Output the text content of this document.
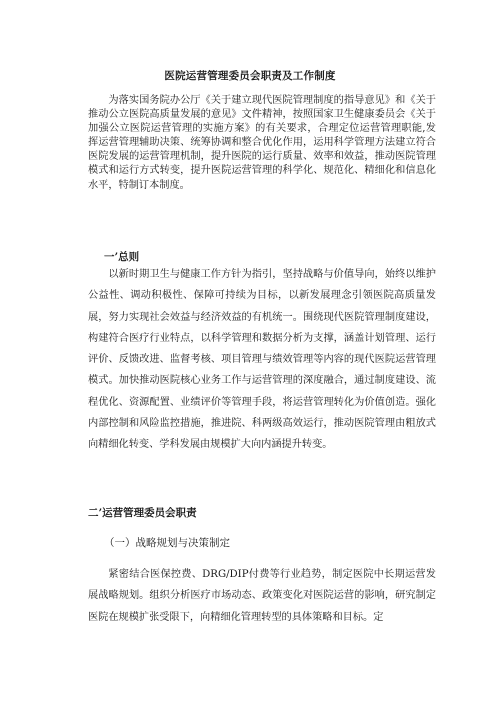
医院运营管理委员会职责及工作制度

为落实国务院办公厅《关于建立现代医院管理制度的指导意见》和《关于推动公立医院高质量发展的意见》文件精神，按照国家卫生健康委员会《关于加强公立医院运营管理的实施方案》的有关要求，合理定位运营管理职能,发挥运营管理辅助决策、统筹协调和整合优化作用，运用科学管理方法建立符合医院发展的运营管理机制，提升医院的运行质量、效率和效益，推动医院管理模式和运行方式转变，提升医院运营管理的科学化、规范化、精细化和信息化水平，特制订本制度。

一’总则

以新时期卫生与健康工作方针为指引，坚持战略与价值导向，始终以维护公益性、调动积极性、保障可持续为目标，以新发展理念引领医院高质量发展，努力实现社会效益与经济效益的有机统一。围绕现代医院管理制度建设，构建符合医疗行业特点，以科学管理和数据分析为支撑，涵盖计划管理、运行评价、反馈改进、监督考核、项目管理与绩效管理等内容的现代医院运营管理模式。加快推动医院核心业务工作与运营管理的深度融合，通过制度建设、流程优化、资源配置、业绩评价等管理手段，将运营管理转化为价值创造。强化内部控制和风险监控措施，推进院、科两级高效运行，推动医院管理由粗放式向精细化转变、学科发展由规模扩大向内涵提升转变。

二’运营管理委员会职责
（一）战略规划与决策制定

紧密结合医保控费、DRG/DIP付费等行业趋势，制定医院中长期运营发展战略规划。组织分析医疗市场动态、政策变化对医院运营的影响，研究制定医院在规模扩张受限下，向精细化管理转型的具体策略和目标。定
